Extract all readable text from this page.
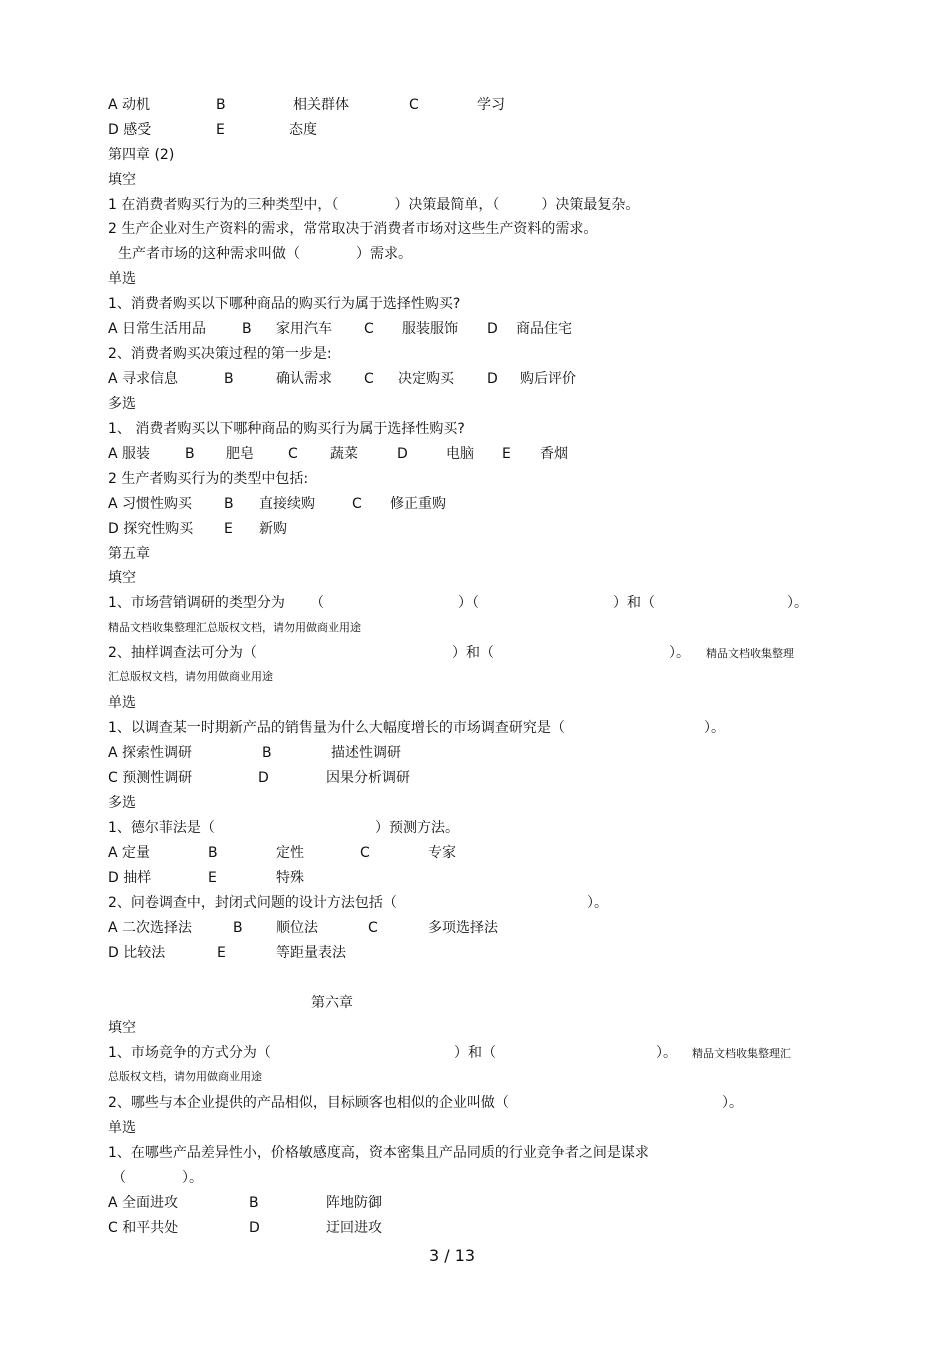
A 动机	B	相关群体	C	学习
D 感受	E	态度
第四章 (2)
填空
1 在消费者购买行为的三种类型中，（　　　　）决策最简单，（　　　）决策最复杂。
2 生产企业对生产资料的需求，常常取决于消费者市场对这些生产资料的需求。
生产者市场的这种需求叫做（　　　　）需求。
单选
1、消费者购买以下哪种商品的购买行为属于选择性购买?
A 日常生活用品	B 家用汽车 C 服装服饰 D 商品住宅
2、消费者购买决策过程的第一步是:
A 寻求信息	B	确认需求 C 决定购买 D 购后评价
多选
1、 消费者购买以下哪种商品的购买行为属于选择性购买?
A 服装 B 肥皂 C 蔬菜	D	电脑 E 香烟
2 生产者购买行为的类型中包括:
A 习惯性购买 B 直接续购	C 修正重购
D 探究性购买 E 新购
第五章
填空
1、市场营销调研的类型分为 （	）（	）和（	）。
精品文档收集整理汇总版权文档，请勿用做商业用途
2、抽样调查法可分为（	）和（	）。 精品文档收集整理
汇总版权文档，请勿用做商业用途
单选
1、以调查某一时期新产品的销售量为什么大幅度增长的市场调查研究是（	）。
A 探索性调研	B	描述性调研
C 预测性调研	D	因果分析调研
多选
1、德尔菲法是（	）预测方法。
A 定量	B	定性	C	专家
D 抽样	E	特殊
2、问卷调查中，封闭式问题的设计方法包括（	）。
A 二次选择法	B 顺位法	C	多项选择法
D 比较法	E	等距量表法
第六章
填空
1、市场竞争的方式分为（	）和（	）。 精品文档收集整理汇
总版权文档，请勿用做商业用途
2、哪些与本企业提供的产品相似，目标顾客也相似的企业叫做（	）。
单选
1、在哪些产品差异性小，价格敏感度高，资本密集且产品同质的行业竞争者之间是谋求
（　　　　）。
A 全面进攻	B	阵地防御
C 和平共处	D	迂回进攻
3 / 13
